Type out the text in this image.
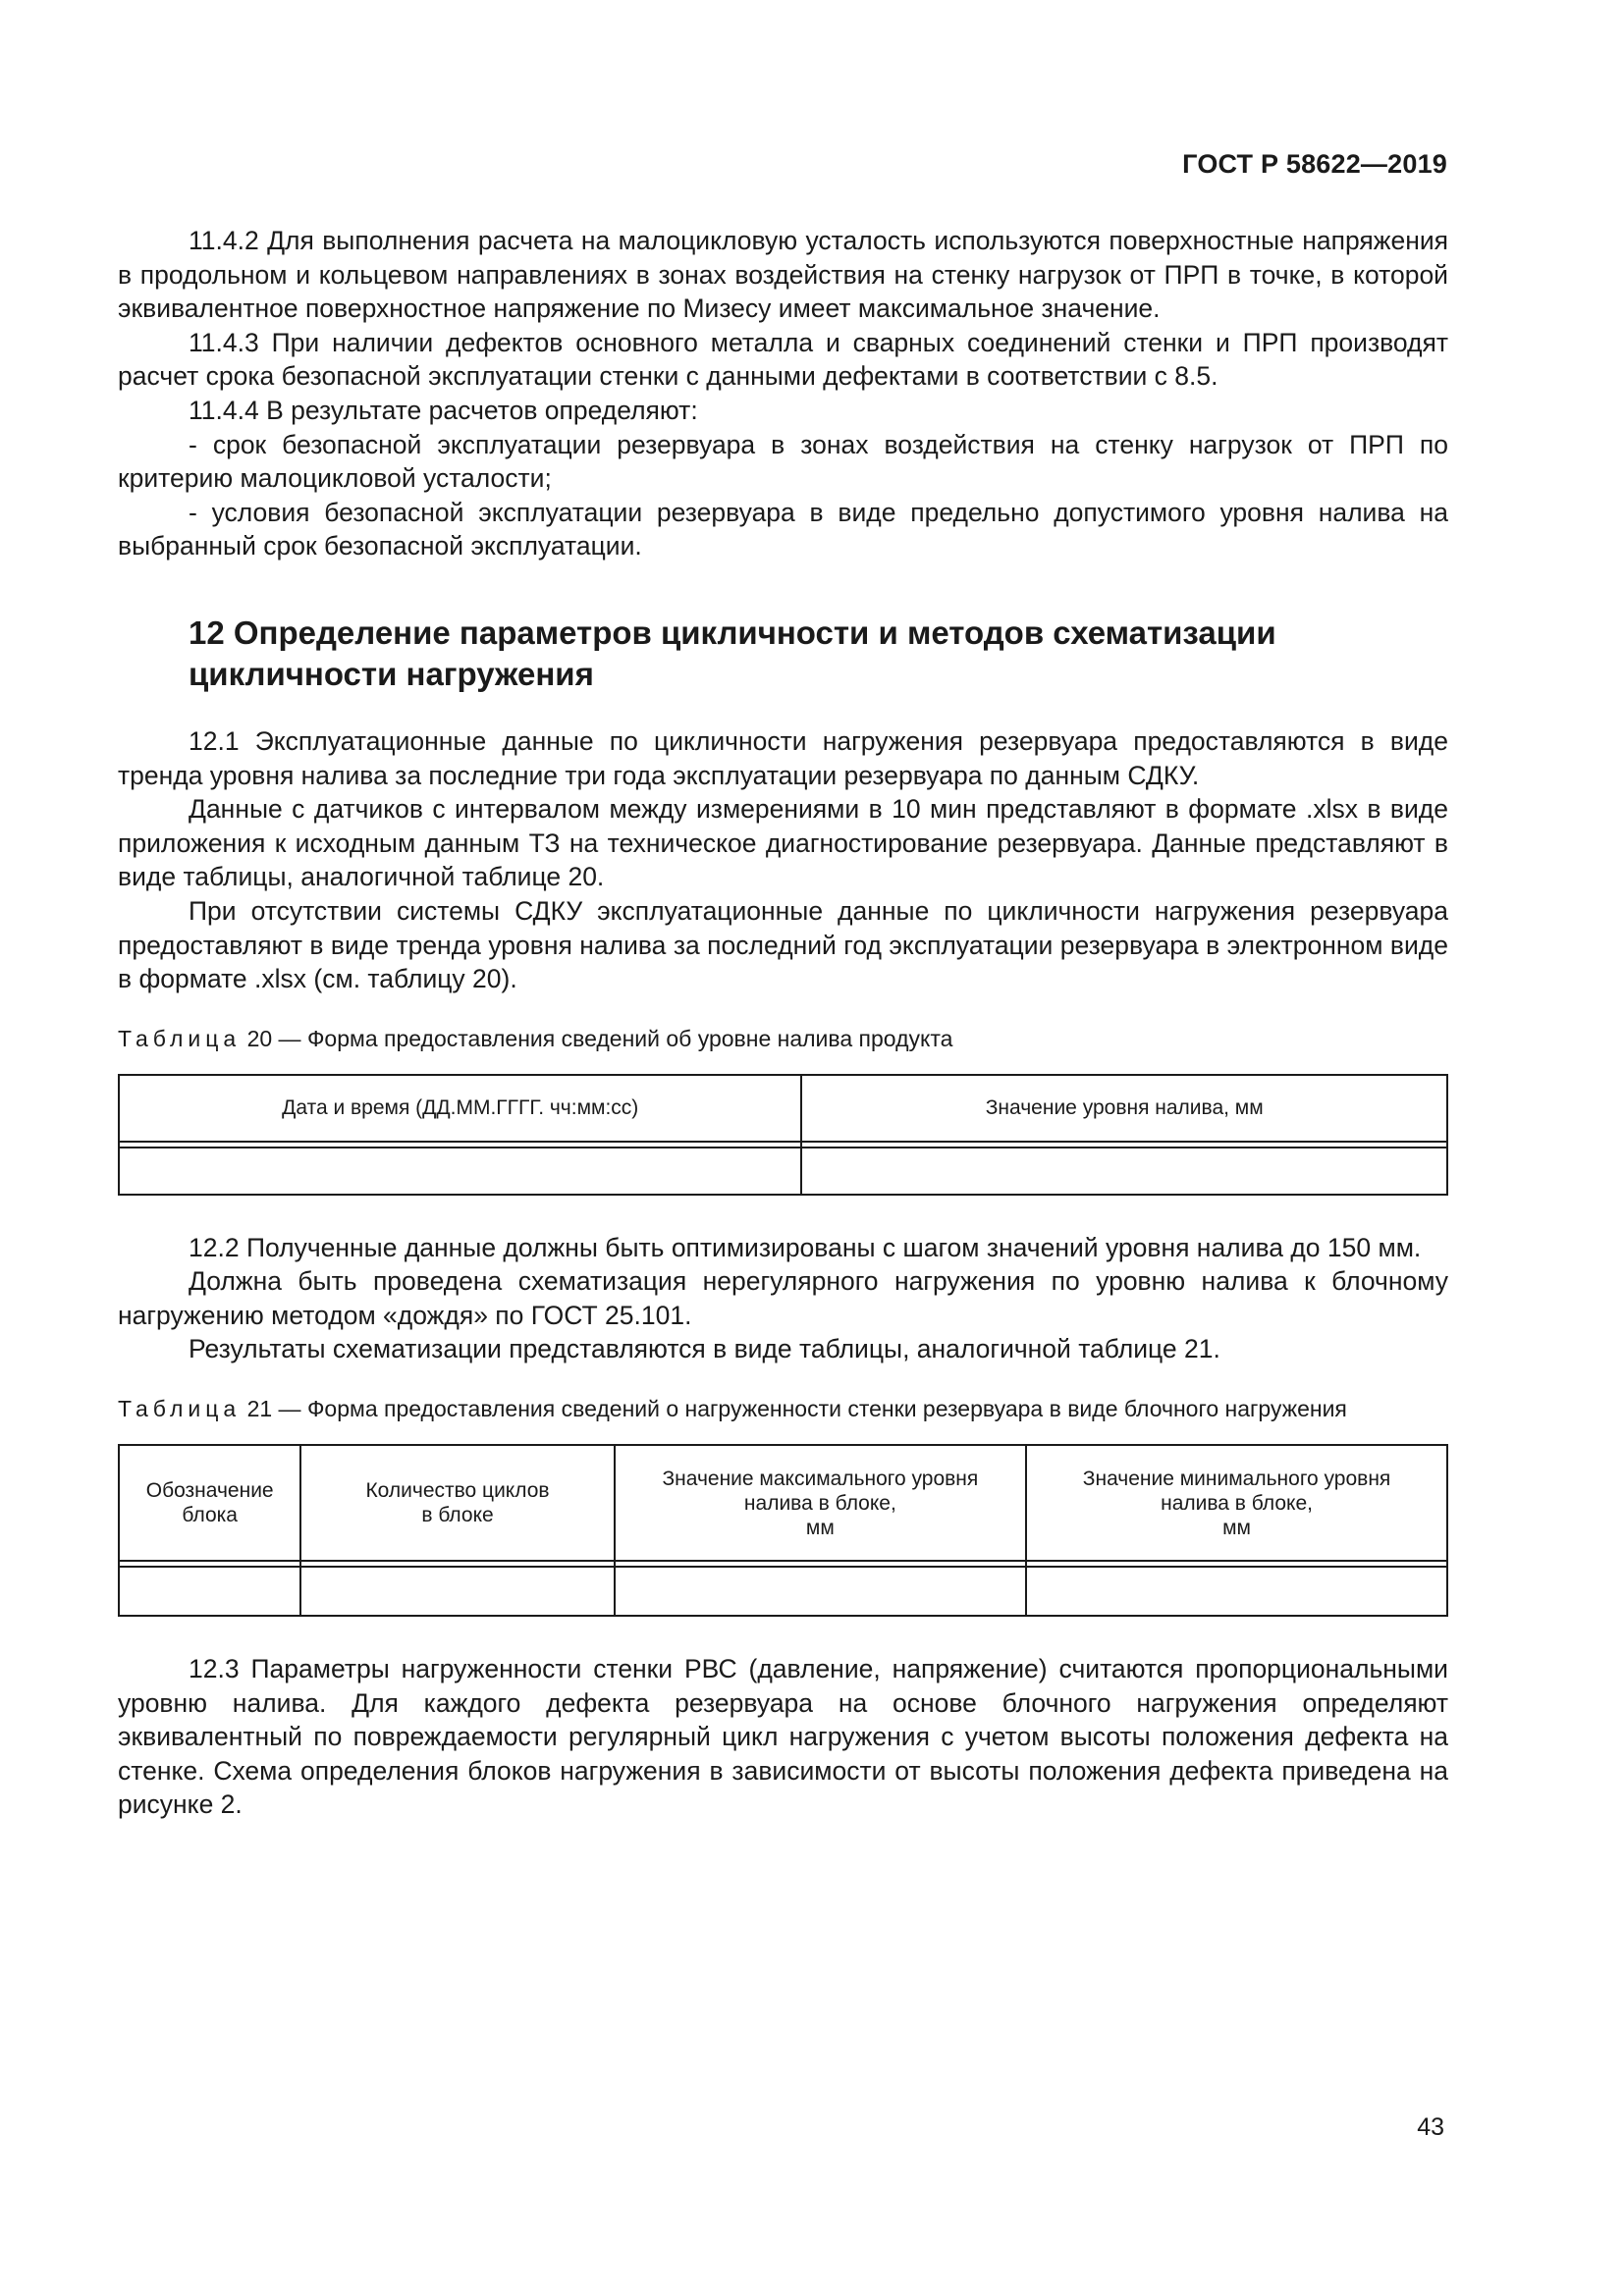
ГОСТ Р 58622—2019

11.4.2 Для выполнения расчета на малоцикловую усталость используются поверхностные напряжения в продольном и кольцевом направлениях в зонах воздействия на стенку нагрузок от ПРП в точке, в которой эквивалентное поверхностное напряжение по Мизесу имеет максимальное значение.

11.4.3 При наличии дефектов основного металла и сварных соединений стенки и ПРП производят расчет срока безопасной эксплуатации стенки с данными дефектами в соответствии с 8.5.

11.4.4 В результате расчетов определяют:

- срок безопасной эксплуатации резервуара в зонах воздействия на стенку нагрузок от ПРП по критерию малоцикловой усталости;

- условия безопасной эксплуатации резервуара в виде предельно допустимого уровня налива на выбранный срок безопасной эксплуатации.

12 Определение параметров цикличности и методов схематизации цикличности нагружения

12.1 Эксплуатационные данные по цикличности нагружения резервуара предоставляются в виде тренда уровня налива за последние три года эксплуатации резервуара по данным СДКУ.

Данные с датчиков с интервалом между измерениями в 10 мин представляют в формате .xlsx в виде приложения к исходным данным ТЗ на техническое диагностирование резервуара. Данные представляют в виде таблицы, аналогичной таблице 20.

При отсутствии системы СДКУ эксплуатационные данные по цикличности нагружения резервуара предоставляют в виде тренда уровня налива за последний год эксплуатации резервуара в электронном виде в формате .xlsx (см. таблицу 20).

Таблица 20 — Форма предоставления сведений об уровне налива продукта
Дата и время (ДД.ММ.ГГГГ. чч:мм:сс)	Значение уровня налива, мм

12.2 Полученные данные должны быть оптимизированы с шагом значений уровня налива до 150 мм.

Должна быть проведена схематизация нерегулярного нагружения по уровню налива к блочному нагружению методом «дождя» по ГОСТ 25.101.

Результаты схематизации представляются в виде таблицы, аналогичной таблице 21.

Таблица 21 — Форма предоставления сведений о нагруженности стенки резервуара в виде блочного нагружения
Обозначение
блока	Количество циклов
в блоке	Значение максимального уровня
налива в блоке,
мм	Значение минимального уровня
налива в блоке,
мм

12.3 Параметры нагруженности стенки РВС (давление, напряжение) считаются пропорциональными уровню налива. Для каждого дефекта резервуара на основе блочного нагружения определяют эквивалентный по повреждаемости регулярный цикл нагружения с учетом высоты положения дефекта на стенке. Схема определения блоков нагружения в зависимости от высоты положения дефекта приведена на рисунке 2.

43
